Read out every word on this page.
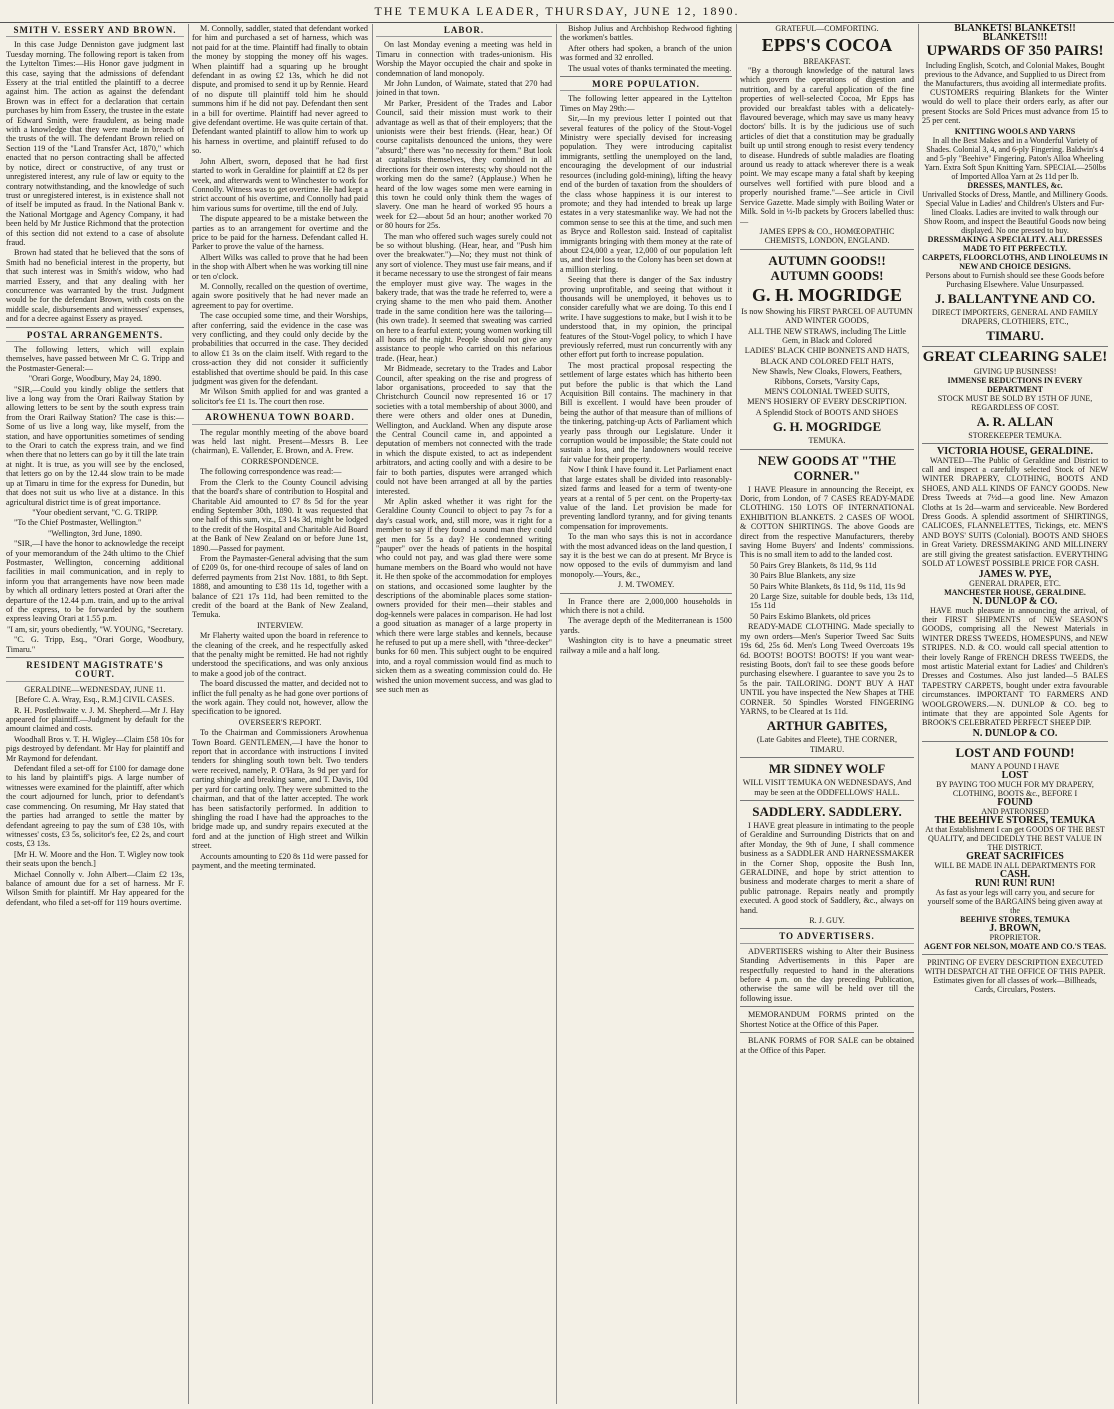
THE TEMUKA LEADER, THURSDAY, JUNE 12, 1890.
SMITH V. ESSERY AND BROWN.

In this case Judge Denniston gave judgment last Tuesday morning. The following report is taken from the Lyttelton Times:—His Honor gave judgment in this case, saying that the admissions of defendant Essery at the trial entitled the plaintiff to a decree against him. The action as against the defendant Brown was in effect for a declaration that certain purchases by him from Essery, the trustee in the estate of Edward Smith, were fraudulent, as being made with a knowledge that they were made in breach of the trusts of the will. The defendant Brown relied on Section 119 of the "Land Transfer Act, 1870," which enacted that no person contracting shall be affected by notice, direct or constructive, of any trust or unregistered interest, any rule of law or equity to the contrary notwithstanding, and the knowledge of such trust or unregistered interest, is in existence shall not of itself be imputed as fraud. In the National Bank v. the National Mortgage and Agency Company, it had been held by Mr Justice Richmond that the protection of this section did not extend to a case of absolute fraud.

Brown had stated that he believed that the sons of Smith had no beneficial interest in the property, but that such interest was in Smith's widow, who had married Essery, and that any dealing with her concurrence was warranted by the trust. Judgment would be for the defendant Brown, with costs on the middle scale, disbursements and witnesses' expenses, and for a decree against Essery as prayed.

POSTAL ARRANGEMENTS.

The following letters, which will explain themselves, have passed between Mr C. G. Tripp and the Postmaster-General:—

"Orari Gorge, Woodbury, May 24, 1890.

"SIR,—Could you kindly oblige the settlers that live a long way from the Orari Railway Station by allowing letters to be sent by the south express train from the Orari Railway Station? The case is this:—Some of us live a long way, like myself, from the station, and have opportunities sometimes of sending to the Orari to catch the express train, and we find when there that no letters can go by it till the late train at night. It is true, as you will see by the enclosed, that letters go on by the 12.44 slow train to be made up at Timaru in time for the express for Dunedin, but that does not suit us who live at a distance. In this agricultural district time is of great importance.

"Your obedient servant, "C. G. TRIPP.

"To the Chief Postmaster, Wellington."

"Wellington, 3rd June, 1890.

"SIR,—I have the honor to acknowledge the receipt of your memorandum of the 24th ultimo to the Chief Postmaster, Wellington, concerning additional facilities in mail communication, and in reply to inform you that arrangements have now been made by which all ordinary letters posted at Orari after the departure of the 12.44 p.m. train, and up to the arrival of the express, to be forwarded by the southern express leaving Orari at 1.55 p.m.

"I am, sir, yours obediently, "W. YOUNG, "Secretary.

"C. G. Tripp, Esq., "Orari Gorge, Woodbury, Timaru."

RESIDENT MAGISTRATE'S COURT.

GERALDINE—WEDNESDAY, JUNE 11.

[Before C. A. Wray, Esq., R.M.] CIVIL CASES.

R. H. Postlethwaite v. J. M. Shepherd.—Mr J. Hay appeared for plaintiff.—Judgment by default for the amount claimed and costs.

Woodhall Bros v. T. H. Wigley—Claim £58 10s for pigs destroyed by defendant. Mr Hay for plaintiff and Mr Raymond for defendant.

Defendant filed a set-off for £100 for damage done to his land by plaintiff's pigs. A large number of witnesses were examined for the plaintiff, after which the court adjourned for lunch, prior to defendant's case commencing. On resuming, Mr Hay stated that the parties had arranged to settle the matter by defendant agreeing to pay the sum of £38 10s, with witnesses' costs, £3 5s, solicitor's fee, £2 2s, and court costs, £3 13s.

[Mr H. W. Moore and the Hon. T. Wigley now took their seats upon the bench.]

Michael Connolly v. John Albert—Claim £2 13s, balance of amount due for a set of harness. Mr F. Wilson Smith for plaintiff. Mr Hay appeared for the defendant, who filed a set-off for 119 hours overtime.

M. Connolly, saddler, stated that defendant worked for him and purchased a set of harness, which was not paid for at the time. Plaintiff had finally to obtain the money by stopping the money off his wages. When plaintiff had a squaring up he brought defendant in as owing £2 13s, which he did not dispute, and promised to send it up by Rennie. Heard of no dispute till plaintiff told him he should summons him if he did not pay. Defendant then sent in a bill for overtime. Plaintiff had never agreed to give defendant overtime. He was quite certain of that. Defendant wanted plaintiff to allow him to work up his harness in overtime, and plaintiff refused to do so.

John Albert, sworn, deposed that he had first started to work in Geraldine for plaintiff at £2 8s per week, and afterwards went to Winchester to work for Connolly. Witness was to get overtime. He had kept a strict account of his overtime, and Connolly had paid him various sums for overtime, till the end of July.

The dispute appeared to be a mistake between the parties as to an arrangement for overtime and the price to be paid for the harness. Defendant called H. Parker to prove the value of the harness.

Albert Wilks was called to prove that he had been in the shop with Albert when he was working till nine or ten o'clock.

M. Connolly, recalled on the question of overtime, again swore positively that he had never made an agreement to pay for overtime.

The case occupied some time, and their Worships, after conferring, said the evidence in the case was very conflicting, and they could only decide by the probabilities that occurred in the case. They decided to allow £1 3s on the claim itself. With regard to the cross-action they did not consider it sufficiently established that overtime should be paid. In this case judgment was given for the defendant.

Mr Wilson Smith applied for and was granted a solicitor's fee £1 1s. The court then rose.

AROWHENUA TOWN BOARD.

The regular monthly meeting of the above board was held last night. Present—Messrs B. Lee (chairman), E. Vallender, E. Brown, and A. Frew.

CORRESPONDENCE.

The following correspondence was read:—

From the Clerk to the County Council advising that the board's share of contribution to Hospital and Charitable Aid amounted to £7 8s 5d for the year ending September 30th, 1890. It was requested that one half of this sum, viz., £3 14s 3d, might be lodged to the credit of the Hospital and Charitable Aid Board at the Bank of New Zealand on or before June 1st, 1890.—Passed for payment.

From the Paymaster-General advising that the sum of £209 0s, for one-third recoupe of sales of land on deferred payments from 21st Nov. 1881, to 8th Sept. 1888, and amounting to £38 11s 1d, together with a balance of £21 17s 11d, had been remitted to the credit of the board at the Bank of New Zealand, Temuka.

INTERVIEW.

Mr Flaherty waited upon the board in reference to the cleaning of the creek, and he respectfully asked that the penalty might be remitted. He had not rightly understood the specifications, and was only anxious to make a good job of the contract.

The board discussed the matter, and decided not to inflict the full penalty as he had gone over portions of the work again. They could not, however, allow the specification to be ignored.

OVERSEER'S REPORT.

To the Chairman and Commissioners Arowhenua Town Board. GENTLEMEN,—I have the honor to report that in accordance with instructions I invited tenders for shingling south town belt. Two tenders were received, namely, P. O'Hara, 3s 9d per yard for carting shingle and breaking same, and T. Davis, 10d per yard for carting only. They were submitted to the chairman, and that of the latter accepted. The work has been satisfactorily performed. In addition to shingling the road I have had the approaches to the bridge made up, and sundry repairs executed at the ford and at the junction of High street and Wilkin street.

Accounts amounting to £20 8s 11d were passed for payment, and the meeting terminated.

LABOR.

On last Monday evening a meeting was held in Timaru in connection with trades-unionism. His Worship the Mayor occupied the chair and spoke in condemnation of land monopoly.

Mr John Lundon, of Waimate, stated that 270 had joined in that town.

Mr Parker, President of the Trades and Labor Council, said their mission must work to their advantage as well as that of their employers; that the unionists were their best friends. (Hear, hear.) Of course capitalists denounced the unions, they were "absurd;" there was "no necessity for them." But look at capitalists themselves, they combined in all directions for their own interests; why should not the working men do the same? (Applause.) When he heard of the low wages some men were earning in this town he could only think them the wages of slavery. One man he heard of worked 95 hours a week for £2—about 5d an hour; another worked 70 or 80 hours for 25s.

The man who offered such wages surely could not be so without blushing. (Hear, hear, and "Push him over the breakwater.")—No; they must not think of any sort of violence. They must use fair means, and if it became necessary to use the strongest of fair means the employer must give way. The wages in the bakery trade, that was the trade he referred to, were a crying shame to the men who paid them. Another trade in the same condition here was the tailoring—(his own trade). It seemed that sweating was carried on here to a fearful extent; young women working till all hours of the night. People should not give any assistance to people who carried on this nefarious trade. (Hear, hear.)

Mr Bidmeade, secretary to the Trades and Labor Council, after speaking on the rise and progress of labor organisations, proceeded to say that the Christchurch Council now represented 16 or 17 societies with a total membership of about 3000, and there were others and older ones at Dunedin, Wellington, and Auckland. When any dispute arose the Central Council came in, and appointed a deputation of members not connected with the trade in which the dispute existed, to act as independent arbitrators, and acting coolly and with a desire to be fair to both parties, disputes were arranged which could not have been arranged at all by the parties interested.

Mr Aplin asked whether it was right for the Geraldine County Council to object to pay 7s for a day's casual work, and, still more, was it right for a member to say if they found a sound man they could get men for 5s a day? He condemned writing "pauper" over the heads of patients in the hospital who could not pay, and was glad there were some humane members on the Board who would not have it. He then spoke of the accommodation for employes on stations, and occasioned some laughter by the descriptions of the abominable places some station-owners provided for their men—their stables and dog-kennels were palaces in comparison. He had lost a good situation as manager of a large property in which there were large stables and kennels, because he refused to put up a mere shell, with "three-decker" bunks for 60 men. This subject ought to be enquired into, and a royal commission would find as much to sicken them as a sweating commission could do. He wished the union movement success, and was glad to see such men as

Bishop Julius and Archbishop Redwood fighting the workmen's battles.

After others had spoken, a branch of the union was formed and 32 enrolled.

The usual votes of thanks terminated the meeting.

MORE POPULATION.

The following letter appeared in the Lyttelton Times on May 29th:—

Sir,—In my previous letter I pointed out that several features of the policy of the Stout-Vogel Ministry were specially devised for increasing population. They were introducing capitalist immigrants, settling the unemployed on the land, encouraging the development of our industrial resources (including gold-mining), lifting the heavy end of the burden of taxation from the shoulders of the class whose happiness it is our interest to promote; and they had intended to break up large estates in a very statesmanlike way. We had not the common sense to see this at the time, and such men as Bryce and Rolleston said. Instead of capitalist immigrants bringing with them money at the rate of about £24,000 a year, 12,000 of our population left us, and their loss to the Colony has been set down at a million sterling.

Seeing that there is danger of the Sax industry proving unprofitable, and seeing that without it thousands will be unemployed, it behoves us to consider carefully what we are doing. To this end I write. I have suggestions to make, but I wish it to be understood that, in my opinion, the principal features of the Stout-Vogel policy, to which I have previously referred, must run concurrently with any other effort put forth to increase population.

The most practical proposal respecting the settlement of large estates which has hitherto been put before the public is that which the Land Acquisition Bill contains. The machinery in that Bill is excellent. I would have been prouder of being the author of that measure than of millions of the tinkering, patching-up Acts of Parliament which yearly pass through our Legislature. Under it corruption would be impossible; the State could not sustain a loss, and the landowners would receive fair value for their property.

Now I think I have found it. Let Parliament enact that large estates shall be divided into reasonably-sized farms and leased for a term of twenty-one years at a rental of 5 per cent. on the Property-tax value of the land. Let provision be made for preventing landlord tyranny, and for giving tenants compensation for improvements.

To the man who says this is not in accordance with the most advanced ideas on the land question, I say it is the best we can do at present. Mr Bryce is now opposed to the evils of dummyism and land monopoly.—Yours, &c.,

J. M. TWOMEY.

In France there are 2,000,000 households in which there is not a child.

The average depth of the Mediterranean is 1500 yards.

Washington city is to have a pneumatic street railway a mile and a half long.

GRATEFUL—COMFORTING.
EPPS'S COCOA
BREAKFAST.

"By a thorough knowledge of the natural laws which govern the operations of digestion and nutrition, and by a careful application of the fine properties of well-selected Cocoa, Mr Epps has provided our breakfast tables with a delicately-flavoured beverage, which may save us many heavy doctors' bills. It is by the judicious use of such articles of diet that a constitution may be gradually built up until strong enough to resist every tendency to disease. Hundreds of subtle maladies are floating around us ready to attack wherever there is a weak point. We may escape many a fatal shaft by keeping ourselves well fortified with pure blood and a properly nourished frame."—See article in Civil Service Gazette. Made simply with Boiling Water or Milk. Sold in ½-lb packets by Grocers labelled thus:—

JAMES EPPS & CO., HOMŒOPATHIC CHEMISTS, LONDON, ENGLAND.

AUTUMN GOODS!! AUTUMN GOODS!
G. H. MOGRIDGE

Is now Showing his FIRST PARCEL OF AUTUMN AND WINTER GOODS,

ALL THE NEW STRAWS, including The Little Gem, in Black and Colored

LADIES' BLACK CHIP BONNETS AND HATS,

BLACK AND COLORED FELT HATS,

New Shawls, New Cloaks, Flowers, Feathers, Ribbons, Corsets, 'Varsity Caps,

MEN'S COLONIAL TWEED SUITS,

MEN'S HOSIERY OF EVERY DESCRIPTION.

A Splendid Stock of BOOTS AND SHOES

G. H. MOGRIDGE

TEMUKA.

NEW GOODS AT "THE CORNER."

I HAVE Pleasure in announcing the Receipt, ex Doric, from London, of 7 CASES READY-MADE CLOTHING. 150 LOTS OF INTERNATIONAL EXHIBITION BLANKETS. 2 CASES OF WOOL & COTTON SHIRTINGS. The above Goods are direct from the respective Manufacturers, thereby saving Home Buyers' and Indents' commissions. This is no small item to add to the landed cost.

50 Pairs Grey Blankets, 8s 11d, 9s 11d

30 Pairs Blue Blankets, any size

50 Pairs White Blankets, 8s 11d, 9s 11d, 11s 9d

20 Large Size, suitable for double beds, 13s 11d, 15s 11d

50 Pairs Eskimo Blankets, old prices

READY-MADE CLOTHING. Made specially to my own orders—Men's Superior Tweed Sac Suits 19s 6d, 25s 6d. Men's Long Tweed Overcoats 19s 6d. BOOTS! BOOTS! BOOTS! If you want wear-resisting Boots, don't fail to see these goods before purchasing elsewhere. I guarantee to save you 2s to 5s the pair. TAILORING. DON'T BUY A HAT UNTIL you have inspected the New Shapes at THE CORNER. 50 Spindles Worsted FINGERING YARNS, to be Cleared at 1s 11d.

ARTHUR GABITES,

(Late Gabites and Fleete), THE CORNER, TIMARU.

MR SIDNEY WOLF

WILL VISIT TEMUKA ON WEDNESDAYS, And may be seen at the ODDFELLOWS' HALL.

SADDLERY. SADDLERY.

I HAVE great pleasure in intimating to the people of Geraldine and Surrounding Districts that on and after Monday, the 9th of June, I shall commence business as a SADDLER AND HARNESSMAKER in the Corner Shop, opposite the Bush Inn, GERALDINE, and hope by strict attention to business and moderate charges to merit a share of public patronage. Repairs neatly and promptly executed. A good stock of Saddlery, &c., always on hand.

R. J. GUY.

TO ADVERTISERS.

ADVERTISERS wishing to Alter their Business Standing Advertisements in this Paper are respectfully requested to hand in the alterations before 4 p.m. on the day preceding Publication, otherwise the same will be held over till the following issue.

MEMORANDUM FORMS printed on the Shortest Notice at the Office of this Paper.

BLANK FORMS of FOR SALE can be obtained at the Office of this Paper.

BLANKETS! BLANKETS!! BLANKETS!!!
UPWARDS OF 350 PAIRS!
Including English, Scotch, and Colonial Makes, Bought previous to the Advance, and Supplied to us Direct from the Manufacturers, thus avoiding all intermediate profits.

CUSTOMERS requiring Blankets for the Winter would do well to place their orders early, as after our present Stocks are Sold Prices must advance from 15 to 25 per cent.

KNITTING WOOLS AND YARNS
In all the Best Makes and in a Wonderful Variety of Shades. Colonial 3, 4, and 6-ply Fingering. Baldwin's 4 and 5-ply "Beehive" Fingering. Paton's Alloa Wheeling Yarn. Extra Soft Spun Knitting Yarn. SPECIAL—250lbs of Imported Alloa Yarn at 2s 11d per lb.
DRESSES, MANTLES, &c.
Unrivalled Stocks of Dress, Mantle, and Millinery Goods. Special Value in Ladies' and Children's Ulsters and Fur-lined Cloaks. Ladies are invited to walk through our Show Room, and inspect the Beautiful Goods now being displayed. No one pressed to buy.
DRESSMAKING A SPECIALITY. ALL DRESSES MADE TO FIT PERFECTLY.
CARPETS, FLOORCLOTHS, AND LINOLEUMS IN NEW AND CHOICE DESIGNS.
Persons about to Furnish should see these Goods before Purchasing Elsewhere. Value Unsurpassed.
J. BALLANTYNE AND CO.
DIRECT IMPORTERS, GENERAL AND FAMILY DRAPERS, CLOTHIERS, ETC.,
TIMARU.
GREAT CLEARING SALE!
GIVING UP BUSINESS!
IMMENSE REDUCTIONS IN EVERY DEPARTMENT
STOCK MUST BE SOLD BY 15TH OF JUNE, REGARDLESS OF COST.
A. R. ALLAN
STOREKEEPER TEMUKA.
VICTORIA HOUSE, GERALDINE.

WANTED—The Public of Geraldine and District to call and inspect a carefully selected Stock of NEW WINTER DRAPERY, CLOTHING, BOOTS AND SHOES, AND ALL KINDS OF FANCY GOODS. New Dress Tweeds at 7½d—a good line. New Amazon Cloths at 1s 2d—warm and serviceable. New Bordered Dress Goods. A splendid assortment of SHIRTINGS, CALICOES, FLANNELETTES, Tickings, etc. MEN'S AND BOYS' SUITS (Colonial). BOOTS AND SHOES in Great Variety. DRESSMAKING AND MILLINERY are still giving the greatest satisfaction. EVERYTHING SOLD AT LOWEST POSSIBLE PRICE FOR CASH.

JAMES W. PYE,
GENERAL DRAPER, ETC.
MANCHESTER HOUSE, GERALDINE.
N. DUNLOP & CO.

HAVE much pleasure in announcing the arrival, of their FIRST SHIPMENTS of NEW SEASON'S GOODS, comprising all the Newest Materials in WINTER DRESS TWEEDS, HOMESPUNS, and NEW STRIPES. N.D. & CO. would call special attention to their lovely Range of FRENCH DRESS TWEEDS, the most artistic Material extant for Ladies' and Children's Dresses and Costumes. Also just landed—5 BALES TAPESTRY CARPETS, bought under extra favourable circumstances. IMPORTANT TO FARMERS AND WOOLGROWERS.—N. DUNLOP & CO. beg to intimate that they are appointed Sole Agents for BROOK'S CELEBRATED PERFECT SHEEP DIP.

N. DUNLOP & CO.
LOST AND FOUND!
MANY A POUND I HAVE
LOST
BY PAYING TOO MUCH FOR MY DRAPERY, CLOTHING, BOOTS &c., BEFORE I
FOUND
AND PATRONISED
THE BEEHIVE STORES, TEMUKA
At that Establishment I can get GOODS OF THE BEST QUALITY, and DECIDEDLY THE BEST VALUE IN THE DISTRICT.
GREAT SACRIFICES
WILL BE MADE IN ALL DEPARTMENTS FOR
CASH.
RUN! RUN! RUN!
As fast as your legs will carry you, and secure for yourself some of the BARGAINS being given away at the
BEEHIVE STORES, TEMUKA
J. BROWN,
PROPRIETOR.
AGENT FOR NELSON, MOATE AND CO.'S TEAS.
PRINTING OF EVERY DESCRIPTION EXECUTED WITH DESPATCH AT THE OFFICE OF THIS PAPER.
Estimates given for all classes of work—Billheads, Cards, Circulars, Posters.
